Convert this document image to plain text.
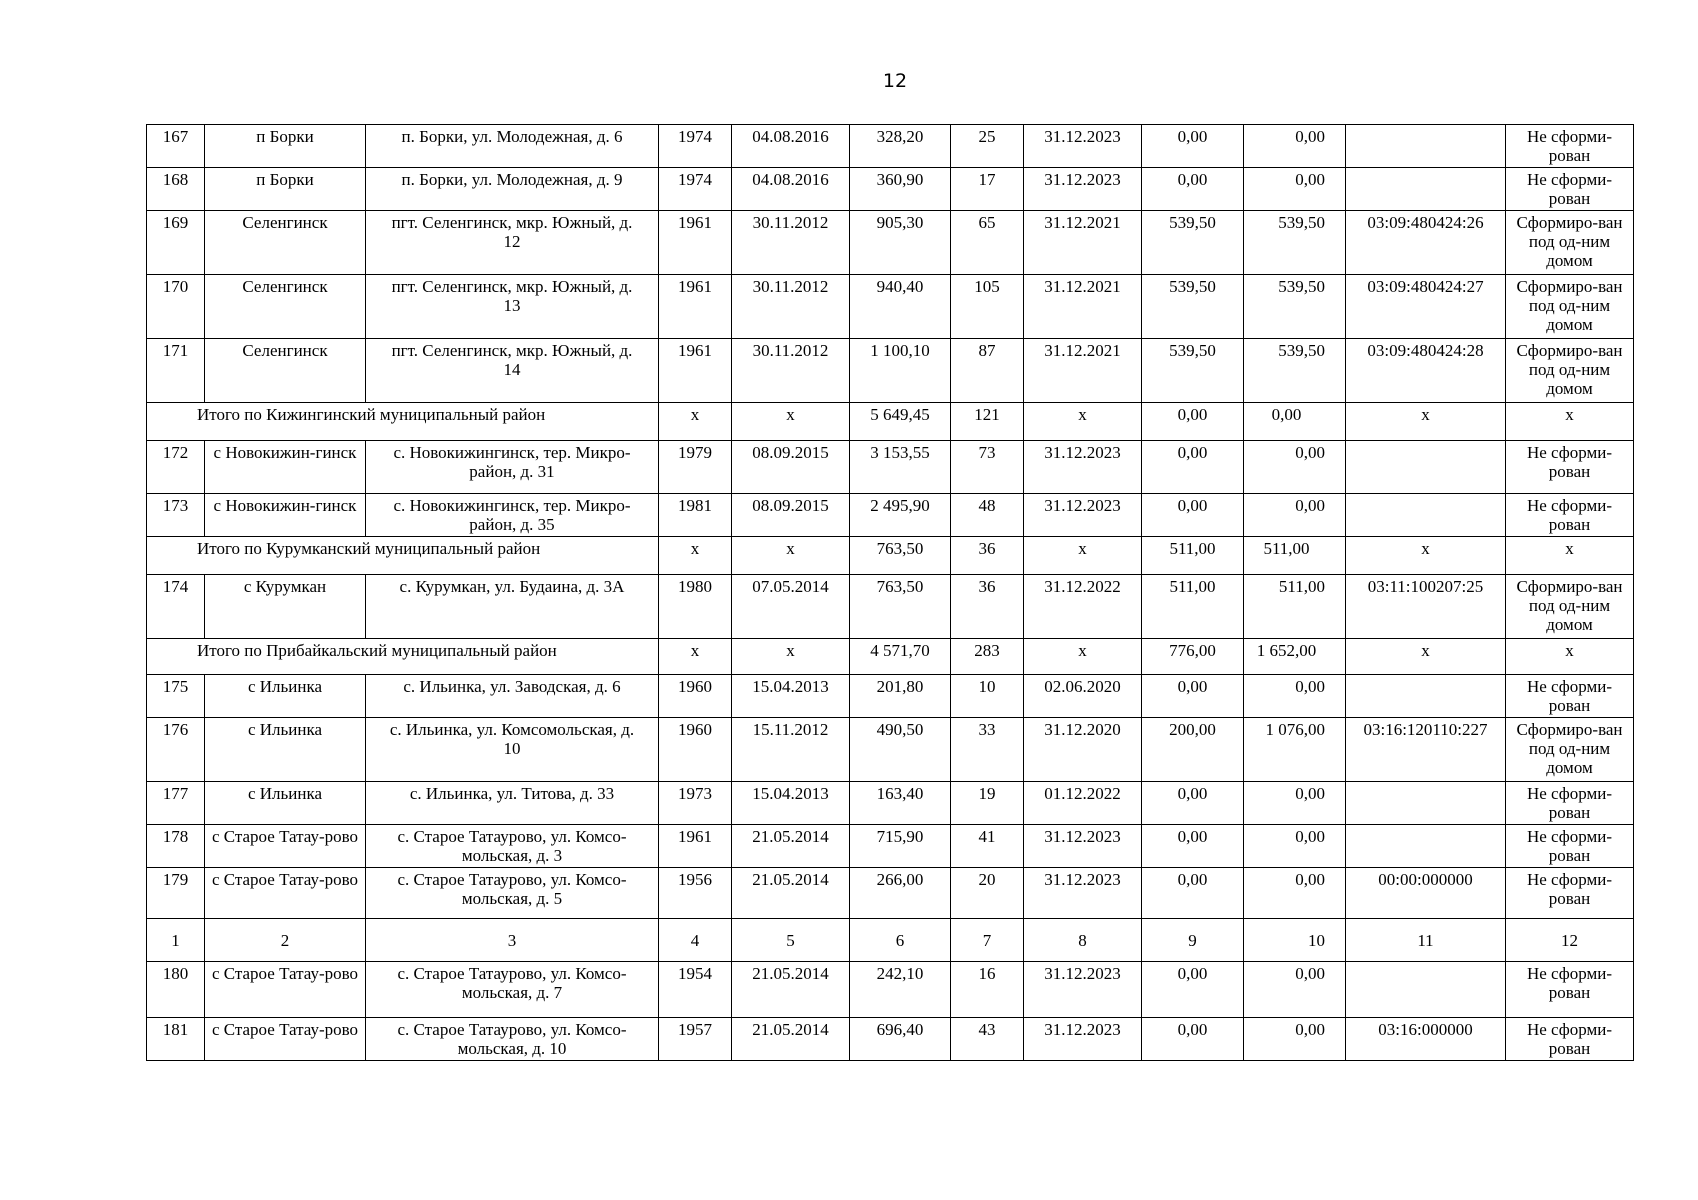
12
167	п Борки	п. Борки, ул. Молодежная, д. 6	1974	04.08.2016	328,20	25	31.12.2023	0,00	0,00		Не сформи-рован
168	п Борки	п. Борки, ул. Молодежная, д. 9	1974	04.08.2016	360,90	17	31.12.2023	0,00	0,00		Не сформи-рован
169	Селенгинск	пгт. Селенгинск, мкр. Южный, д. 12	1961	30.11.2012	905,30	65	31.12.2021	539,50	539,50	03:09:480424:26	Сформиро-ван под од-ним домом
170	Селенгинск	пгт. Селенгинск, мкр. Южный, д. 13	1961	30.11.2012	940,40	105	31.12.2021	539,50	539,50	03:09:480424:27	Сформиро-ван под од-ним домом
171	Селенгинск	пгт. Селенгинск, мкр. Южный, д. 14	1961	30.11.2012	1 100,10	87	31.12.2021	539,50	539,50	03:09:480424:28	Сформиро-ван под од-ним домом
Итого по Кижингинский муниципальный район			х	х	5 649,45	121	х	0,00	0,00	х	х
172	с Новокижин-гинск	с. Новокижингинск, тер. Микро-район, д. 31	1979	08.09.2015	3 153,55	73	31.12.2023	0,00	0,00		Не сформи-рован
173	с Новокижин-гинск	с. Новокижингинск, тер. Микро-район, д. 35	1981	08.09.2015	2 495,90	48	31.12.2023	0,00	0,00		Не сформи-рован
Итого по Курумканский муниципальный район			х	х	763,50	36	х	511,00	511,00	х	х
174	с Курумкан	с. Курумкан, ул. Будаина, д. 3А	1980	07.05.2014	763,50	36	31.12.2022	511,00	511,00	03:11:100207:25	Сформиро-ван под од-ним домом
Итого по Прибайкальский муниципальный район			х	х	4 571,70	283	х	776,00	1 652,00	х	х
175	с Ильинка	с. Ильинка, ул. Заводская, д. 6	1960	15.04.2013	201,80	10	02.06.2020	0,00	0,00		Не сформи-рован
176	с Ильинка	с. Ильинка, ул. Комсомольская, д. 10	1960	15.11.2012	490,50	33	31.12.2020	200,00	1 076,00	03:16:120110:227	Сформиро-ван под од-ним домом
177	с Ильинка	с. Ильинка, ул. Титова, д. 33	1973	15.04.2013	163,40	19	01.12.2022	0,00	0,00		Не сформи-рован
178	с Старое Татау-рово	с. Старое Татаурово, ул. Комсо-мольская, д. 3	1961	21.05.2014	715,90	41	31.12.2023	0,00	0,00		Не сформи-рован
179	с Старое Татау-рово	с. Старое Татаурово, ул. Комсо-мольская, д. 5	1956	21.05.2014	266,00	20	31.12.2023	0,00	0,00	00:00:000000	Не сформи-рован
1	2	3	4	5	6	7	8	9	10	11	12
180	с Старое Татау-рово	с. Старое Татаурово, ул. Комсо-мольская, д. 7	1954	21.05.2014	242,10	16	31.12.2023	0,00	0,00		Не сформи-рован
181	с Старое Татау-рово	с. Старое Татаурово, ул. Комсо-мольская, д. 10	1957	21.05.2014	696,40	43	31.12.2023	0,00	0,00	03:16:000000	Не сформи-рован
